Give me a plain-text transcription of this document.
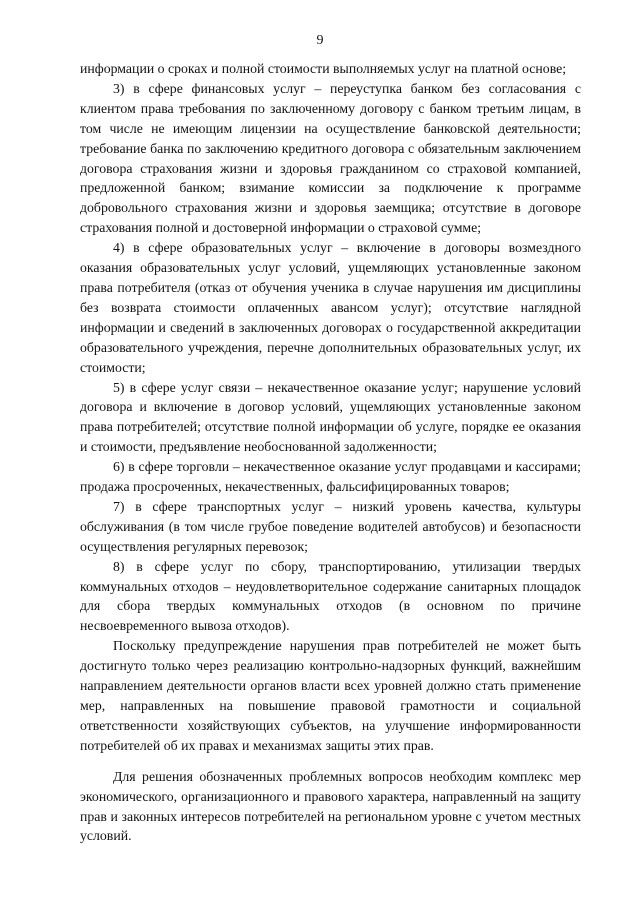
9

информации о сроках и полной стоимости выполняемых услуг на платной основе;

3) в сфере финансовых услуг – переуступка банком без согласования с клиентом права требования по заключенному договору с банком третьим лицам, в том числе не имеющим лицензии на осуществление банковской деятельности; требование банка по заключению кредитного договора с обязательным заключением договора страхования жизни и здоровья гражданином со страховой компанией, предложенной банком; взимание комиссии за подключение к программе добровольного страхования жизни и здоровья заемщика; отсутствие в договоре страхования полной и достоверной информации о страховой сумме;

4) в сфере образовательных услуг – включение в договоры возмездного оказания образовательных услуг условий, ущемляющих установленные законом права потребителя (отказ от обучения ученика в случае нарушения им дисциплины без возврата стоимости оплаченных авансом услуг); отсутствие наглядной информации и сведений в заключенных договорах о государственной аккредитации образовательного учреждения, перечне дополнительных образовательных услуг, их стоимости;

5) в сфере услуг связи – некачественное оказание услуг; нарушение условий договора и включение в договор условий, ущемляющих установленные законом права потребителей; отсутствие полной информации об услуге, порядке ее оказания и стоимости, предъявление необоснованной задолженности;

6) в сфере торговли – некачественное оказание услуг продавцами и кассирами; продажа просроченных, некачественных, фальсифицированных товаров;

7) в сфере транспортных услуг – низкий уровень качества, культуры обслуживания (в том числе грубое поведение водителей автобусов) и безопасности осуществления регулярных перевозок;

8) в сфере услуг по сбору, транспортированию, утилизации твердых коммунальных отходов – неудовлетворительное содержание санитарных площадок для сбора твердых коммунальных отходов (в основном по причине несвоевременного вывоза отходов).

Поскольку предупреждение нарушения прав потребителей не может быть достигнуто только через реализацию контрольно-надзорных функций, важнейшим направлением деятельности органов власти всех уровней должно стать применение мер, направленных на повышение правовой грамотности и социальной ответственности хозяйствующих субъектов, на улучшение информированности потребителей об их правах и механизмах защиты этих прав.

Для решения обозначенных проблемных вопросов необходим комплекс мер экономического, организационного и правового характера, направленный на защиту прав и законных интересов потребителей на региональном уровне с учетом местных условий.
